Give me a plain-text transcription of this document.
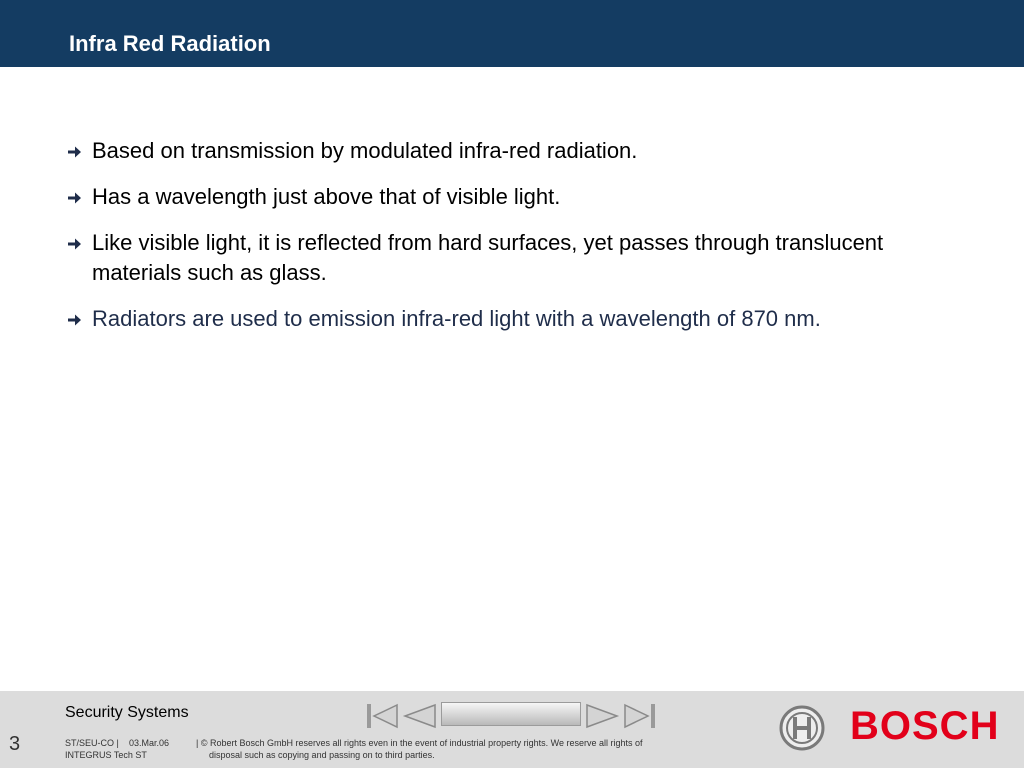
Infra Red Radiation
Based on transmission by modulated infra-red radiation.
Has a wavelength just above that of visible light.
Like visible light, it is reflected from hard surfaces, yet passes through translucent materials such as glass.
Radiators are used to emission infra-red light with a wavelength of 870 nm.
3
Security Systems
ST/SEU-CO | 03.Mar.06
INTEGRUS Tech ST
| © Robert Bosch GmbH reserves all rights even in the event of industrial property rights. We reserve all rights of
disposal such as copying and passing on to third parties.
BOSCH
